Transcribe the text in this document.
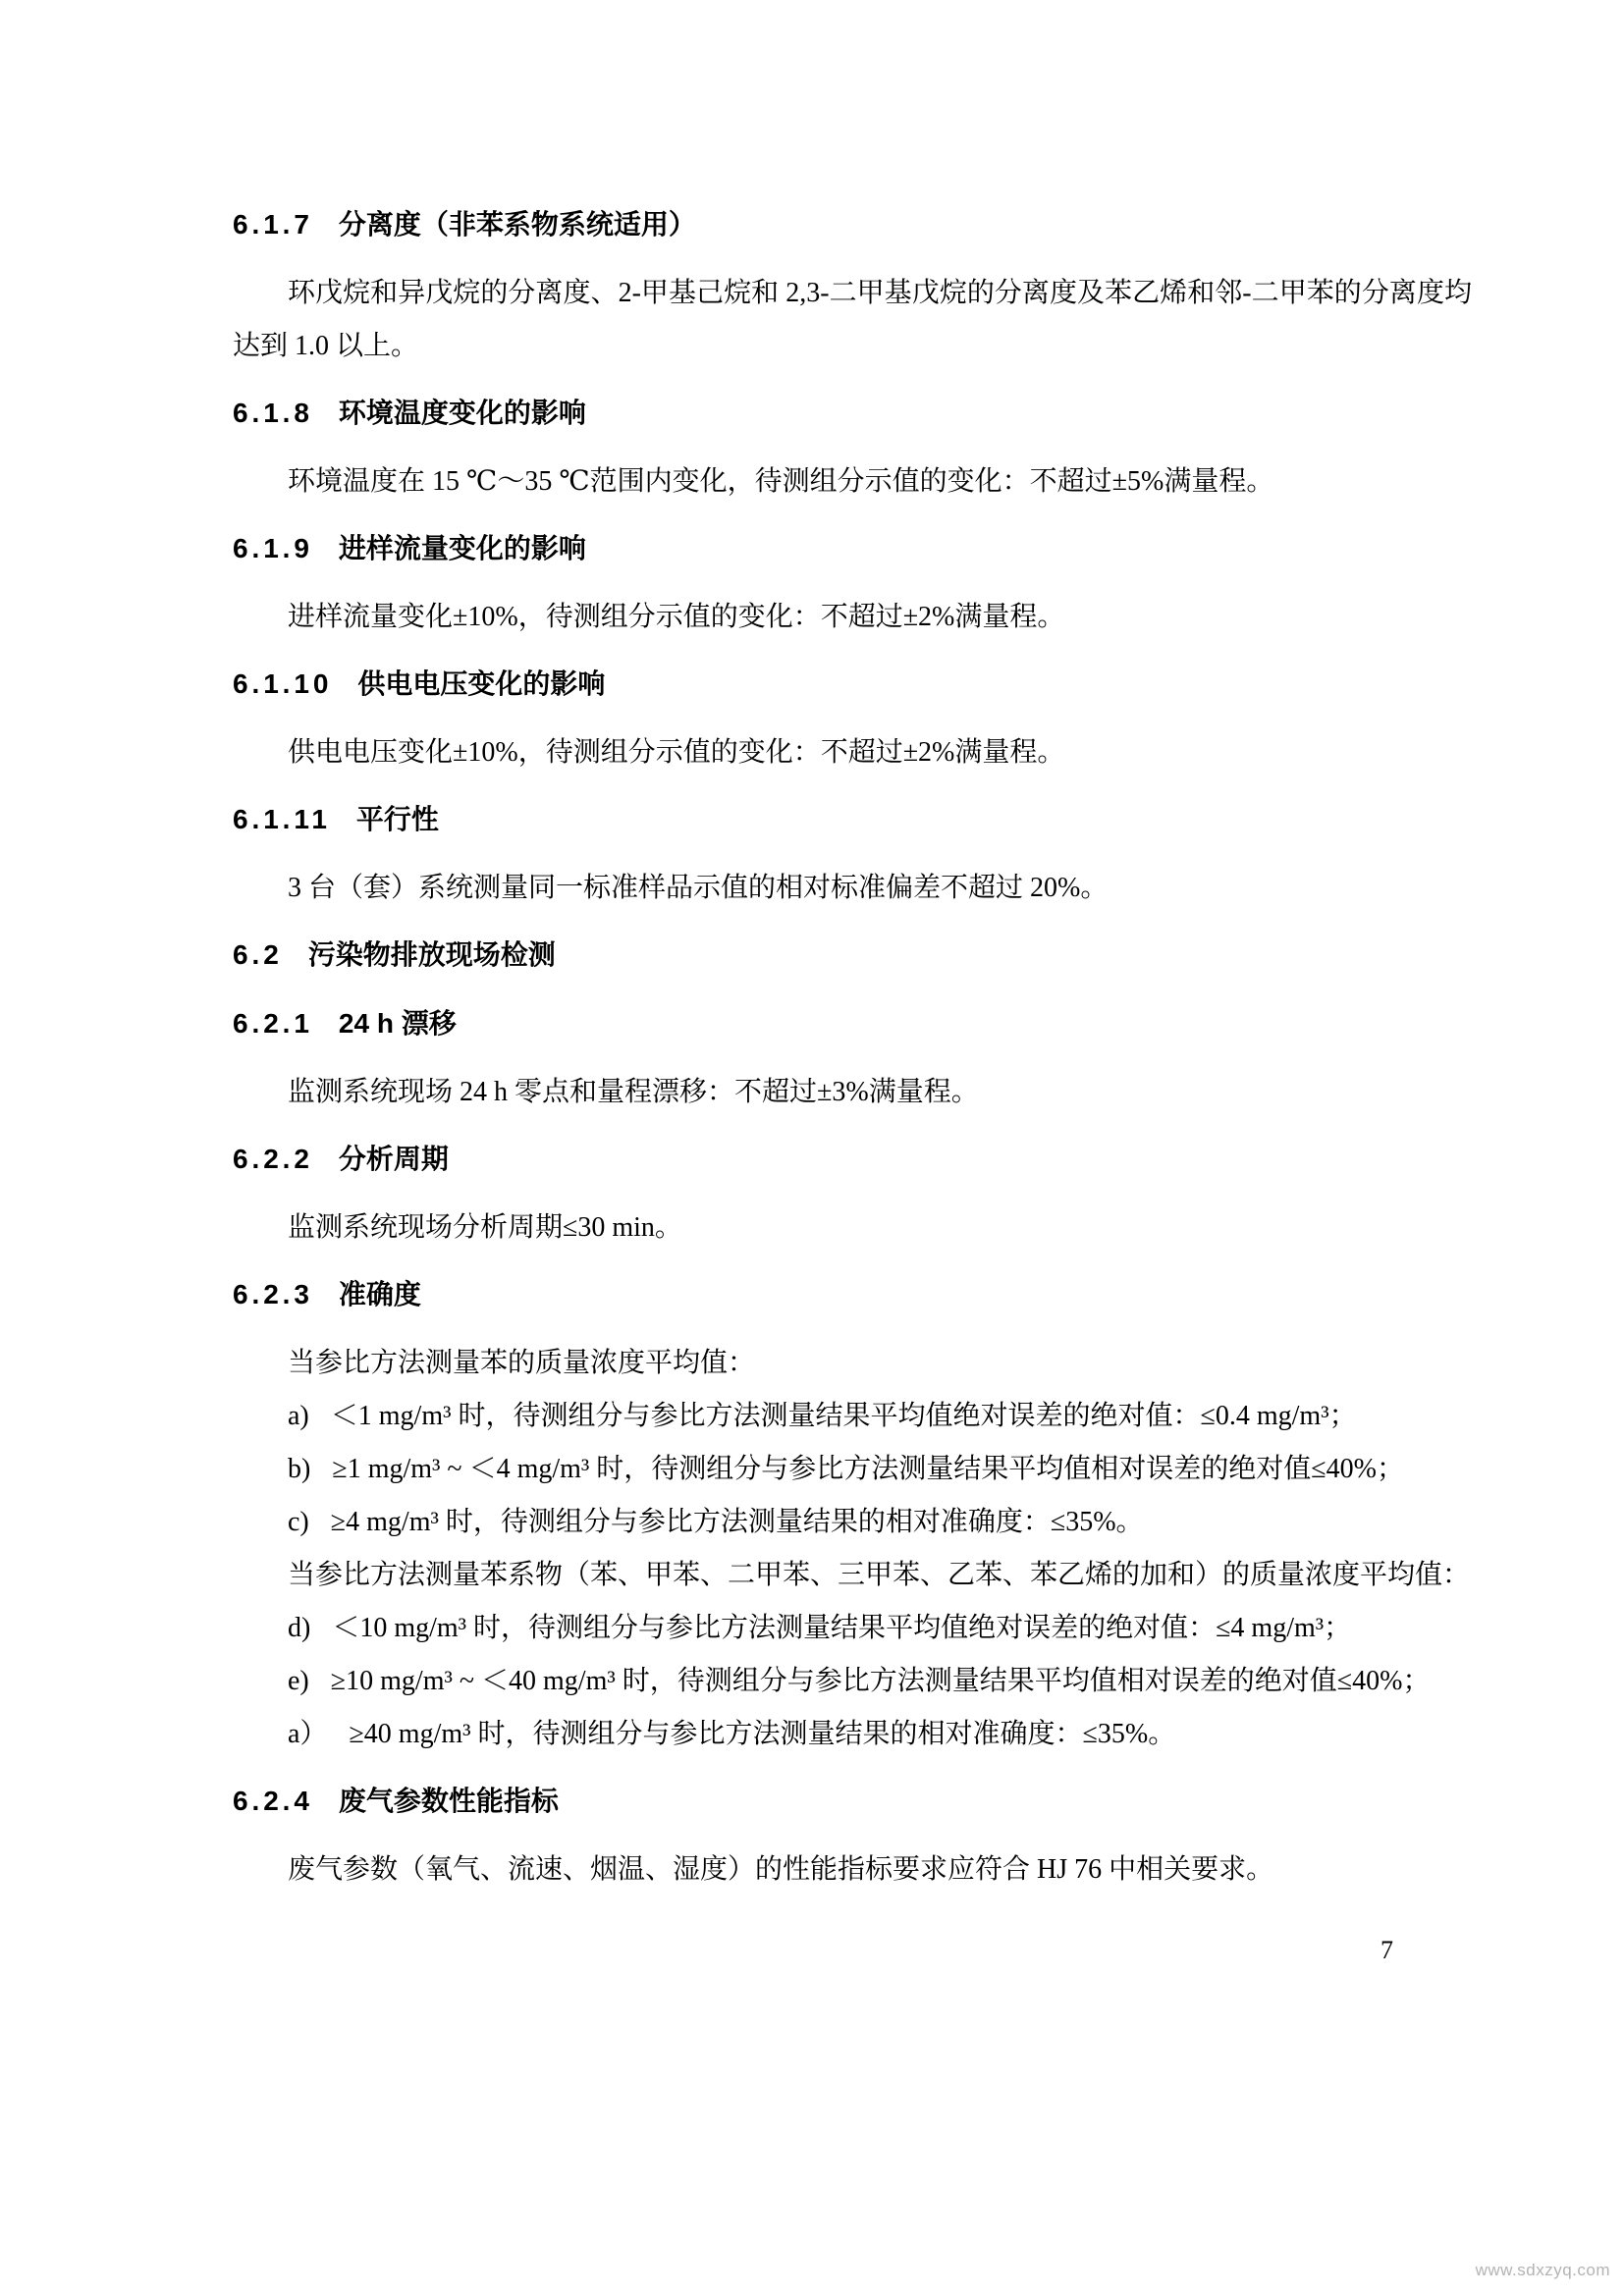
6.1.7 分离度（非苯系物系统适用）

环戊烷和异戊烷的分离度、2-甲基己烷和 2,3-二甲基戊烷的分离度及苯乙烯和邻-二甲苯的分离度均达到 1.0 以上。

6.1.8 环境温度变化的影响

环境温度在 15 ℃～35 ℃范围内变化，待测组分示值的变化：不超过±5%满量程。

6.1.9 进样流量变化的影响

进样流量变化±10%，待测组分示值的变化：不超过±2%满量程。

6.1.10 供电电压变化的影响

供电电压变化±10%，待测组分示值的变化：不超过±2%满量程。

6.1.11 平行性

3 台（套）系统测量同一标准样品示值的相对标准偏差不超过 20%。

6.2 污染物排放现场检测
6.2.1 24 h 漂移

监测系统现场 24 h 零点和量程漂移：不超过±3%满量程。

6.2.2 分析周期

监测系统现场分析周期≤30 min。

6.2.3 准确度

当参比方法测量苯的质量浓度平均值：

a) ＜1 mg/m³ 时，待测组分与参比方法测量结果平均值绝对误差的绝对值：≤0.4 mg/m³；

b) ≥1 mg/m³ ~ ＜4 mg/m³ 时，待测组分与参比方法测量结果平均值相对误差的绝对值≤40%；

c) ≥4 mg/m³ 时，待测组分与参比方法测量结果的相对准确度：≤35%。

当参比方法测量苯系物（苯、甲苯、二甲苯、三甲苯、乙苯、苯乙烯的加和）的质量浓度平均值：

d) ＜10 mg/m³ 时，待测组分与参比方法测量结果平均值绝对误差的绝对值：≤4 mg/m³；

e) ≥10 mg/m³ ~ ＜40 mg/m³ 时，待测组分与参比方法测量结果平均值相对误差的绝对值≤40%；

a） ≥40 mg/m³ 时，待测组分与参比方法测量结果的相对准确度：≤35%。

6.2.4 废气参数性能指标

废气参数（氧气、流速、烟温、湿度）的性能指标要求应符合 HJ 76 中相关要求。

7
www.sdxzyq.com
